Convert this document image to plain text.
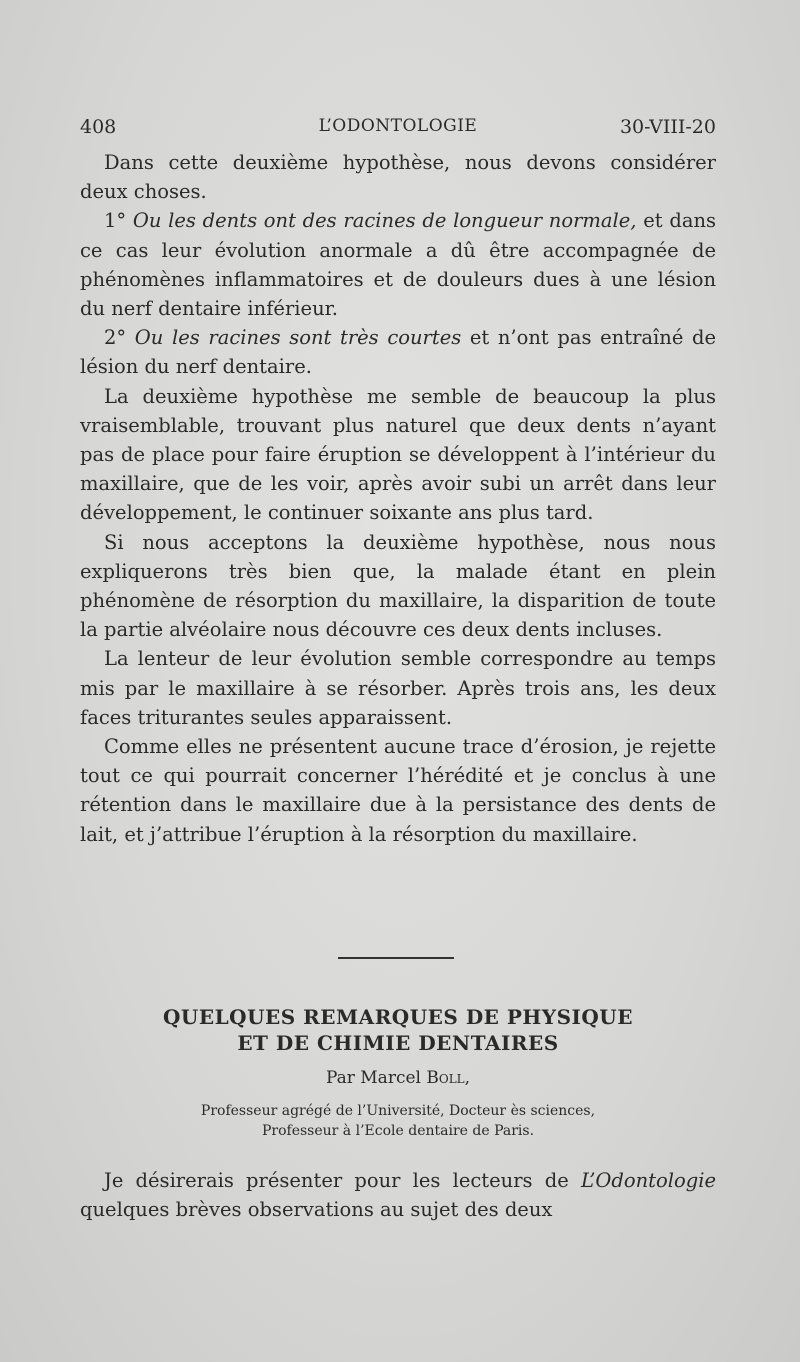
408	L’ODONTOLOGIE	30-VIII-20

Dans cette deuxième hypothèse, nous devons considérer deux choses.

1° Ou les dents ont des racines de longueur normale, et dans ce cas leur évolution anormale a dû être accompagnée de phénomènes inflammatoires et de douleurs dues à une lésion du nerf dentaire inférieur.

2° Ou les racines sont très courtes et n’ont pas entraîné de lésion du nerf dentaire.

La deuxième hypothèse me semble de beaucoup la plus vraisemblable, trouvant plus naturel que deux dents n’ayant pas de place pour faire éruption se développent à l’intérieur du maxillaire, que de les voir, après avoir subi un arrêt dans leur développement, le continuer soixante ans plus tard.

Si nous acceptons la deuxième hypothèse, nous nous expliquerons très bien que, la malade étant en plein phénomène de résorption du maxillaire, la disparition de toute la partie alvéolaire nous découvre ces deux dents incluses.

La lenteur de leur évolution semble correspondre au temps mis par le maxillaire à se résorber. Après trois ans, les deux faces triturantes seules apparaissent.

Comme elles ne présentent aucune trace d’érosion, je rejette tout ce qui pourrait concerner l’hérédité et je conclus à une rétention dans le maxillaire due à la persistance des dents de lait, et j’attribue l’éruption à la résorption du maxillaire.

QUELQUES REMARQUES DE PHYSIQUE
ET DE CHIMIE DENTAIRES
Par Marcel Boll,
Professeur agrégé de l’Université, Docteur ès sciences,
Professeur à l’Ecole dentaire de Paris.

Je désirerais présenter pour les lecteurs de L’Odontologie quelques brèves observations au sujet des deux
